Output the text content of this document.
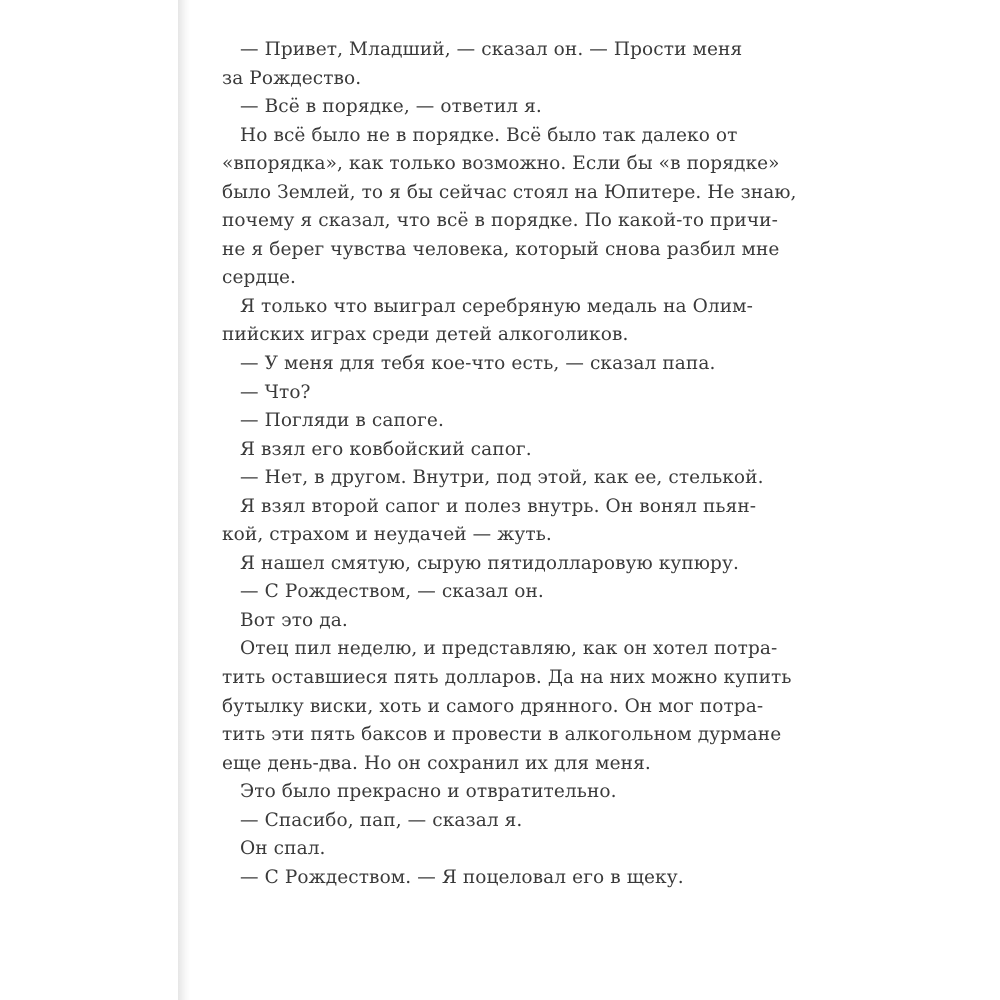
— Привет, Младший, — сказал он. — Прости меня
за Рождество.
— Всё в порядке, — ответил я.
Но всё было не в порядке. Всё было так далеко от
«впорядка», как только возможно. Если бы «в порядке»
было Землей, то я бы сейчас стоял на Юпитере. Не знаю,
почему я сказал, что всё в порядке. По какой-то причи-
не я берег чувства человека, который снова разбил мне
сердце.
Я только что выиграл серебряную медаль на Олим-
пийских играх среди детей алкоголиков.
— У меня для тебя кое-что есть, — сказал папа.
— Что?
— Погляди в сапоге.
Я взял его ковбойский сапог.
— Нет, в другом. Внутри, под этой, как ее, стелькой.
Я взял второй сапог и полез внутрь. Он вонял пьян-
кой, страхом и неудачей — жуть.
Я нашел смятую, сырую пятидолларовую купюру.
— С Рождеством, — сказал он.
Вот это да.
Отец пил неделю, и представляю, как он хотел потра-
тить оставшиеся пять долларов. Да на них можно купить
бутылку виски, хоть и самого дрянного. Он мог потра-
тить эти пять баксов и провести в алкогольном дурмане
еще день-два. Но он сохранил их для меня.
Это было прекрасно и отвратительно.
— Спасибо, пап, — сказал я.
Он спал.
— С Рождеством. — Я поцеловал его в щеку.
